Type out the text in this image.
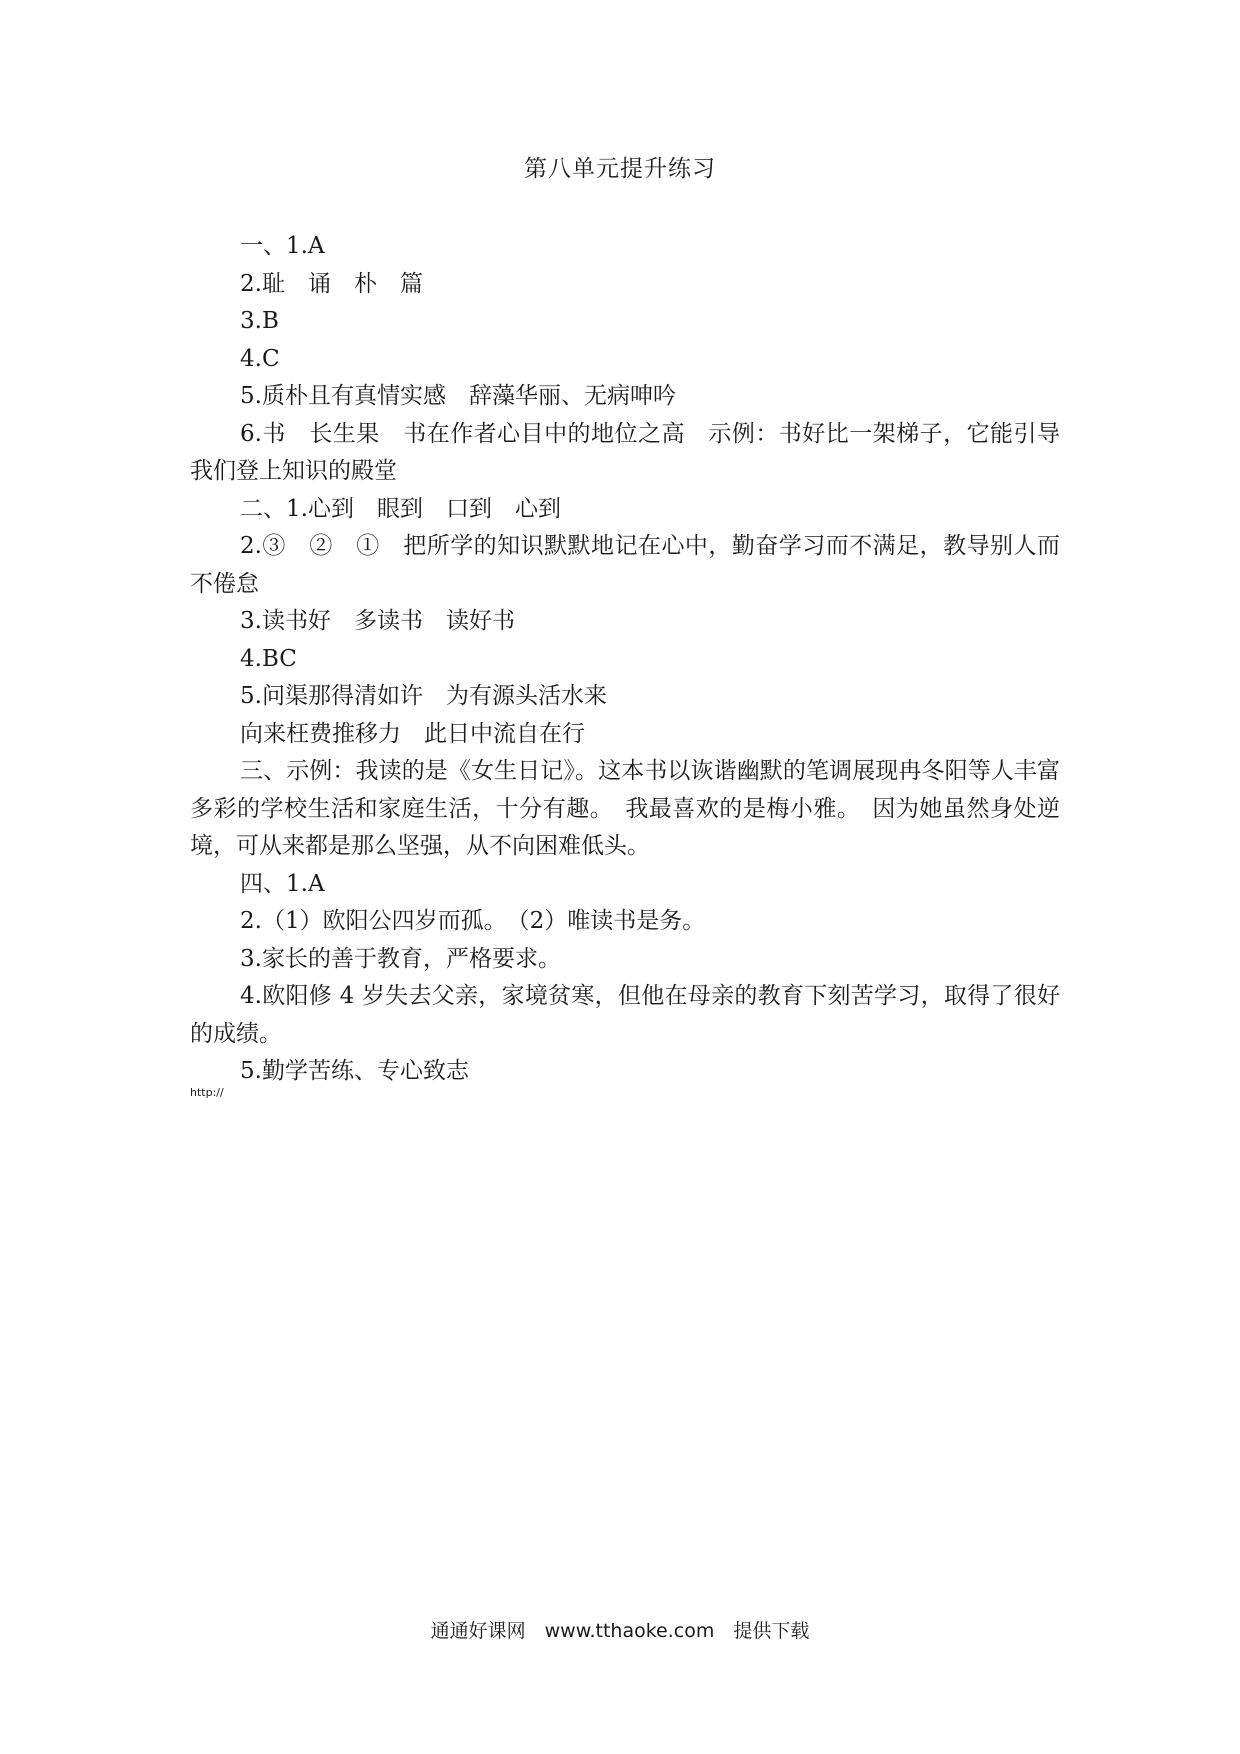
第八单元提升练习

一、1.A

2.耻　诵　朴　篇

3.B

4.C

5.质朴且有真情实感　辞藻华丽、无病呻吟

6.书　长生果　书在作者心目中的地位之高　示例：书好比一架梯子，它能引导我们登上知识的殿堂

二、1.心到　眼到　口到　心到

2.③　②　①　把所学的知识默默地记在心中，勤奋学习而不满足，教导别人而不倦怠

3.读书好　多读书　读好书

4.BC

5.问渠那得清如许　为有源头活水来

向来枉费推移力　此日中流自在行

三、示例：我读的是《女生日记》。这本书以诙谐幽默的笔调展现冉冬阳等人丰富多彩的学校生活和家庭生活，十分有趣。　我最喜欢的是梅小雅。　因为她虽然身处逆境，可从来都是那么坚强，从不向困难低头。

四、1.A

2.（1）欧阳公四岁而孤。　（2）唯读书是务。

3.家长的善于教育，严格要求。

4.欧阳修 4 岁失去父亲，家境贫寒，但他在母亲的教育下刻苦学习，取得了很好的成绩。

5.勤学苦练、专心致志

http://
通通好课网　www.tthaoke.com　提供下载
